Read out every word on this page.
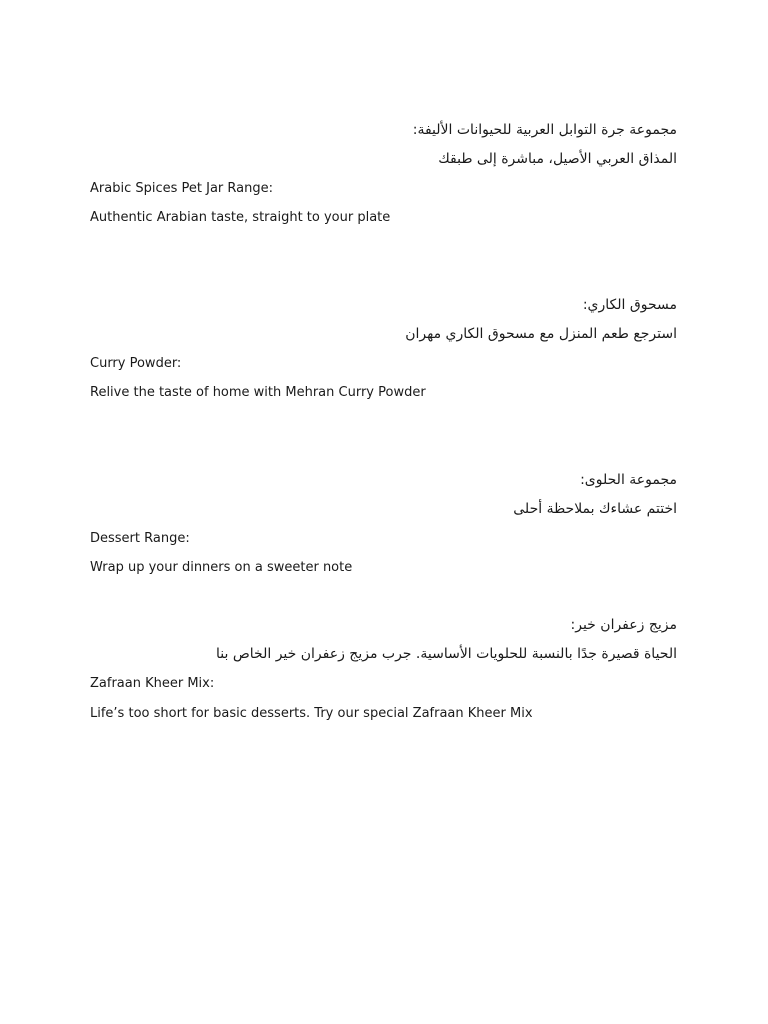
مجموعة جرة التوابل العربية للحيوانات الأليفة:
المذاق العربي الأصيل، مباشرة إلى طبقك
Arabic Spices Pet Jar Range:
Authentic Arabian taste, straight to your plate
مسحوق الكاري:
استرجع طعم المنزل مع مسحوق الكاري مهران
Curry Powder:
Relive the taste of home with Mehran Curry Powder
مجموعة الحلوى:
اختتم عشاءك بملاحظة أحلى
Dessert Range:
Wrap up your dinners on a sweeter note
مزيج زعفران خير:
الحياة قصيرة جدًا بالنسبة للحلويات الأساسية. جرب مزيج زعفران خير الخاص بنا
Zafraan Kheer Mix:
Life’s too short for basic desserts. Try our special Zafraan Kheer Mix
